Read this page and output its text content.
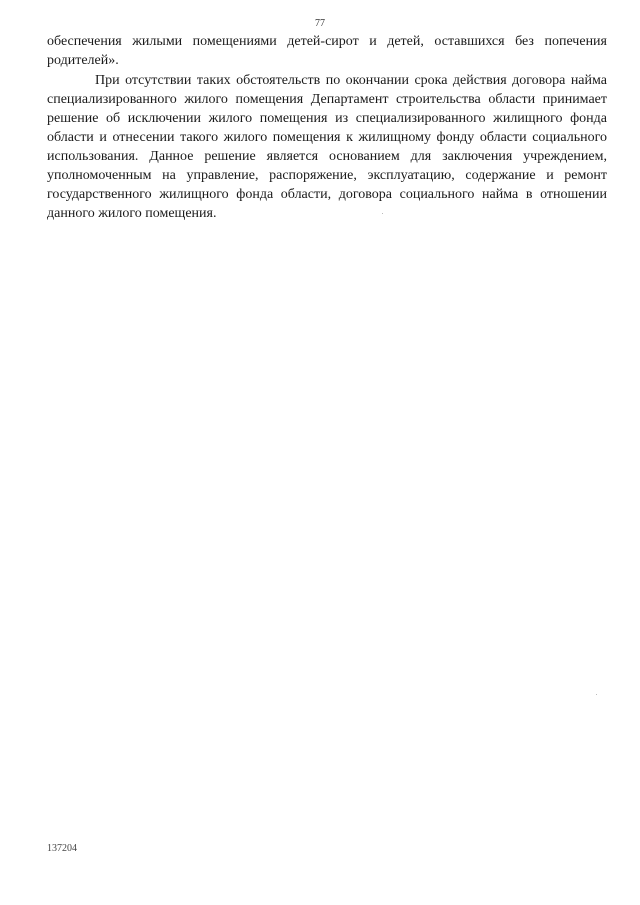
77

обеспечения жилыми помещениями детей-сирот и детей, оставшихся без попечения родителей».

При отсутствии таких обстоятельств по окончании срока действия договора найма специализированного жилого помещения Департамент строительства области принимает решение об исключении жилого помещения из специализированного жилищного фонда области и отнесении такого жилого помещения к жилищному фонду области социального использования. Данное решение является основанием для заключения учреждением, уполномоченным на управление, распоряжение, эксплуатацию, содержание и ремонт государственного жилищного фонда области, договора социального найма в отношении данного жилого помещения.

137204
